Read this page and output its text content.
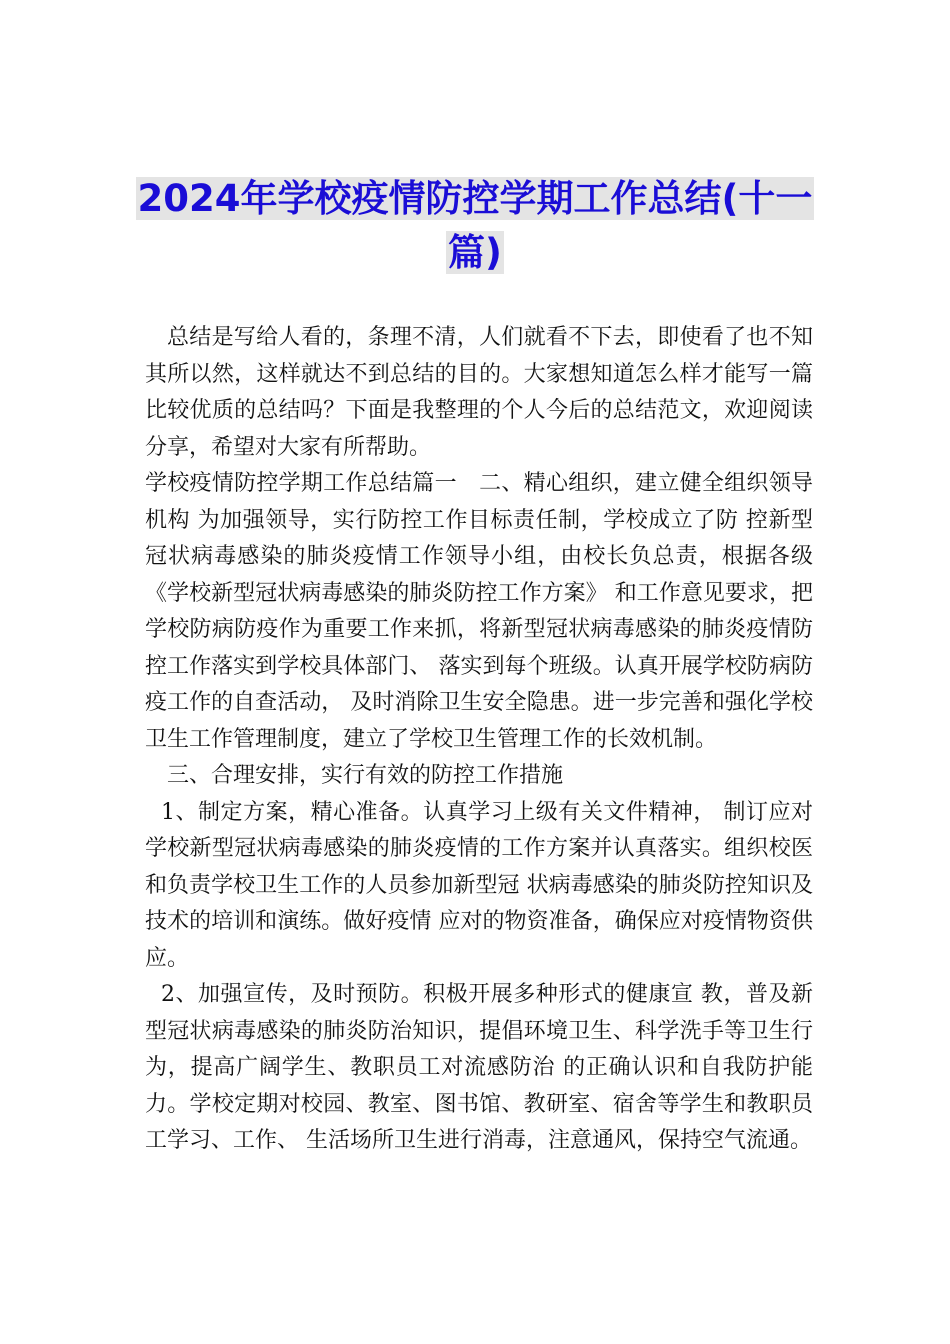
2024年学校疫情防控学期工作总结(十一篇)

总结是写给人看的，条理不清，人们就看不下去，即使看了也不知其所以然，这样就达不到总结的目的。大家想知道怎么样才能写一篇比较优质的总结吗？下面是我整理的个人今后的总结范文，欢迎阅读分享，希望对大家有所帮助。

学校疫情防控学期工作总结篇一　二、精心组织，建立健全组织领导机构 为加强领导，实行防控工作目标责任制，学校成立了防 控新型冠状病毒感染的肺炎疫情工作领导小组，由校长负总责，根据各级《学校新型冠状病毒感染的肺炎防控工作方案》 和工作意见要求，把学校防病防疫作为重要工作来抓，将新型冠状病毒感染的肺炎疫情防控工作落实到学校具体部门、 落实到每个班级。认真开展学校防病防疫工作的自查活动， 及时消除卫生安全隐患。进一步完善和强化学校卫生工作管理制度，建立了学校卫生管理工作的长效机制。

三、合理安排，实行有效的防控工作措施

1、制定方案，精心准备。认真学习上级有关文件精神， 制订应对学校新型冠状病毒感染的肺炎疫情的工作方案并认真落实。组织校医和负责学校卫生工作的人员参加新型冠 状病毒感染的肺炎防控知识及技术的培训和演练。做好疫情 应对的物资准备，确保应对疫情物资供应。

2、加强宣传，及时预防。积极开展多种形式的健康宣 教，普及新型冠状病毒感染的肺炎防治知识，提倡环境卫生、科学洗手等卫生行为，提高广阔学生、教职员工对流感防治 的正确认识和自我防护能力。学校定期对校园、教室、图书馆、教研室、宿舍等学生和教职员工学习、工作、 生活场所卫生进行消毒，注意通风，保持空气流通。
